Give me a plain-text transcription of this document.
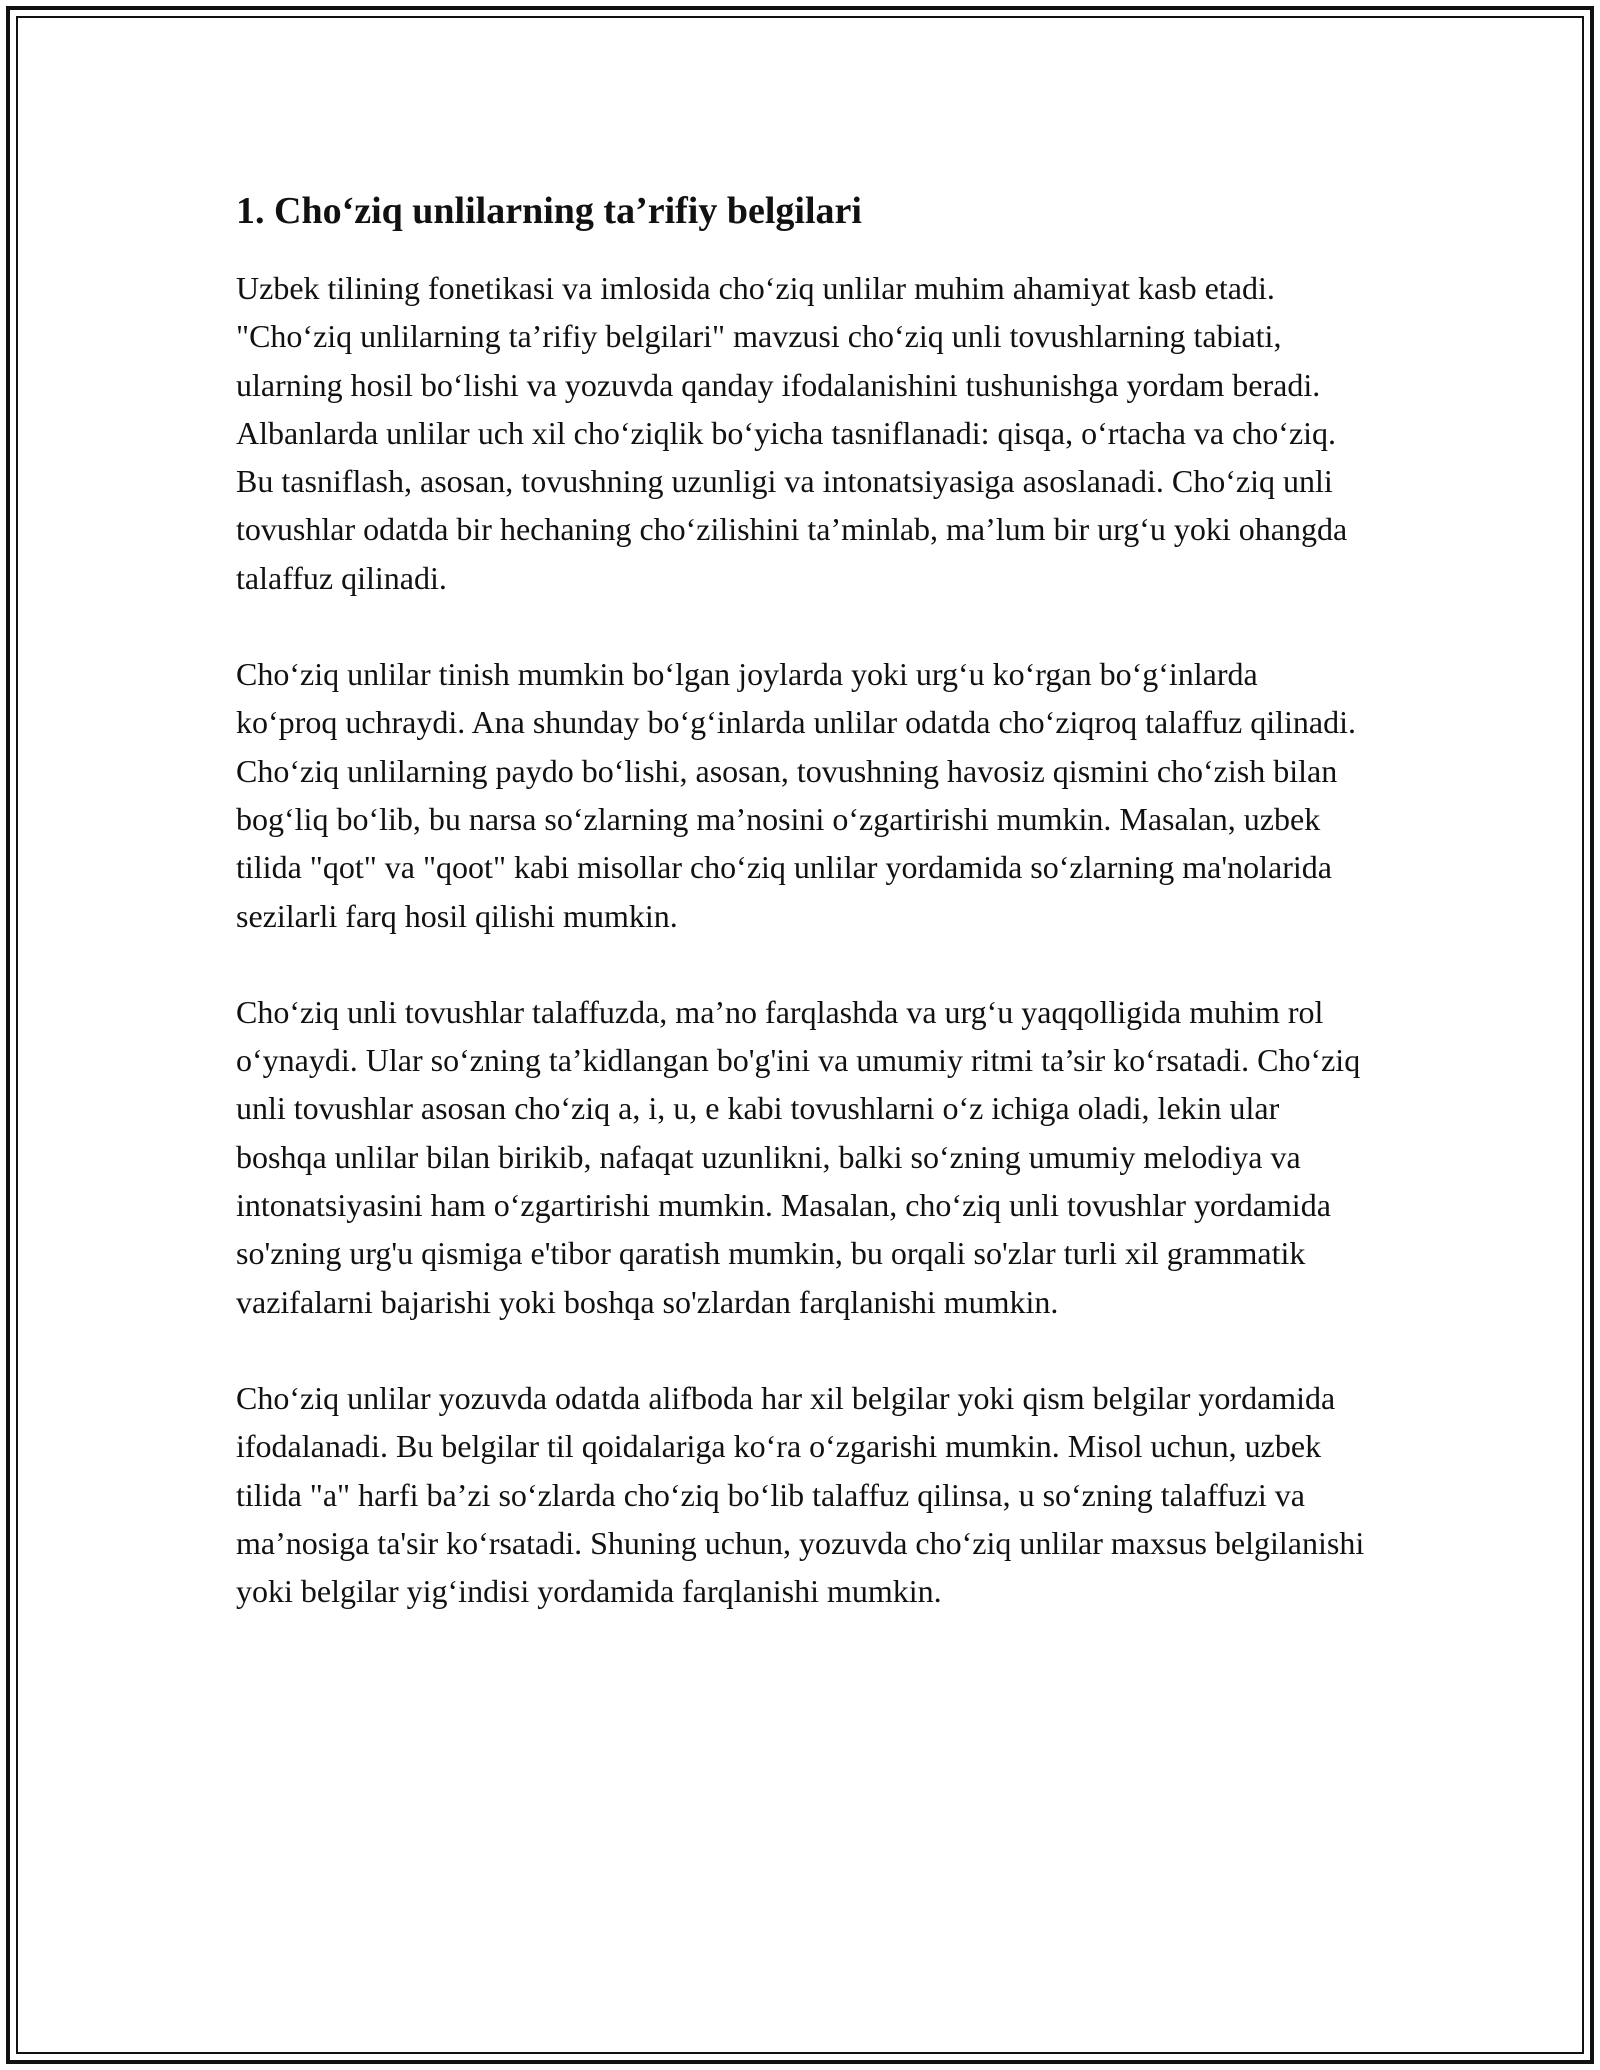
1. Cho‘ziq unlilarning ta’rifiy belgilari

Uzbek tilining fonetikasi va imlosida cho‘ziq unlilar muhim ahamiyat kasb etadi. "Cho‘ziq unlilarning ta’rifiy belgilari" mavzusi cho‘ziq unli tovushlarning tabiati, ularning hosil bo‘lishi va yozuvda qanday ifodalanishini tushunishga yordam beradi. Albanlarda unlilar uch xil cho‘ziqlik bo‘yicha tasniflanadi: qisqa, o‘rtacha va cho‘ziq. Bu tasniflash, asosan, tovushning uzunligi va intonatsiyasiga asoslanadi. Cho‘ziq unli tovushlar odatda bir hechaning cho‘zilishini ta’minlab, ma’lum bir urg‘u yoki ohangda talaffuz qilinadi.

Cho‘ziq unlilar tinish mumkin bo‘lgan joylarda yoki urg‘u ko‘rgan bo‘g‘inlarda ko‘proq uchraydi. Ana shunday bo‘g‘inlarda unlilar odatda cho‘ziqroq talaffuz qilinadi. Cho‘ziq unlilarning paydo bo‘lishi, asosan, tovushning havosiz qismini cho‘zish bilan bog‘liq bo‘lib, bu narsa so‘zlarning ma’nosini o‘zgartirishi mumkin. Masalan, uzbek tilida "qot" va "qoot" kabi misollar cho‘ziq unlilar yordamida so‘zlarning ma'nolarida sezilarli farq hosil qilishi mumkin.

Cho‘ziq unli tovushlar talaffuzda, ma’no farqlashda va urg‘u yaqqolligida muhim rol o‘ynaydi. Ular so‘zning ta’kidlangan bo'g'ini va umumiy ritmi ta’sir ko‘rsatadi. Cho‘ziq unli tovushlar asosan cho‘ziq a, i, u, e kabi tovushlarni o‘z ichiga oladi, lekin ular boshqa unlilar bilan birikib, nafaqat uzunlikni, balki so‘zning umumiy melodiya va intonatsiyasini ham o‘zgartirishi mumkin. Masalan, cho‘ziq unli tovushlar yordamida so'zning urg'u qismiga e'tibor qaratish mumkin, bu orqali so'zlar turli xil grammatik vazifalarni bajarishi yoki boshqa so'zlardan farqlanishi mumkin.

Cho‘ziq unlilar yozuvda odatda alifboda har xil belgilar yoki qism belgilar yordamida ifodalanadi. Bu belgilar til qoidalariga ko‘ra o‘zgarishi mumkin. Misol uchun, uzbek tilida "a" harfi ba’zi so‘zlarda cho‘ziq bo‘lib talaffuz qilinsa, u so‘zning talaffuzi va ma’nosiga ta'sir ko‘rsatadi. Shuning uchun, yozuvda cho‘ziq unlilar maxsus belgilanishi yoki belgilar yig‘indisi yordamida farqlanishi mumkin.
